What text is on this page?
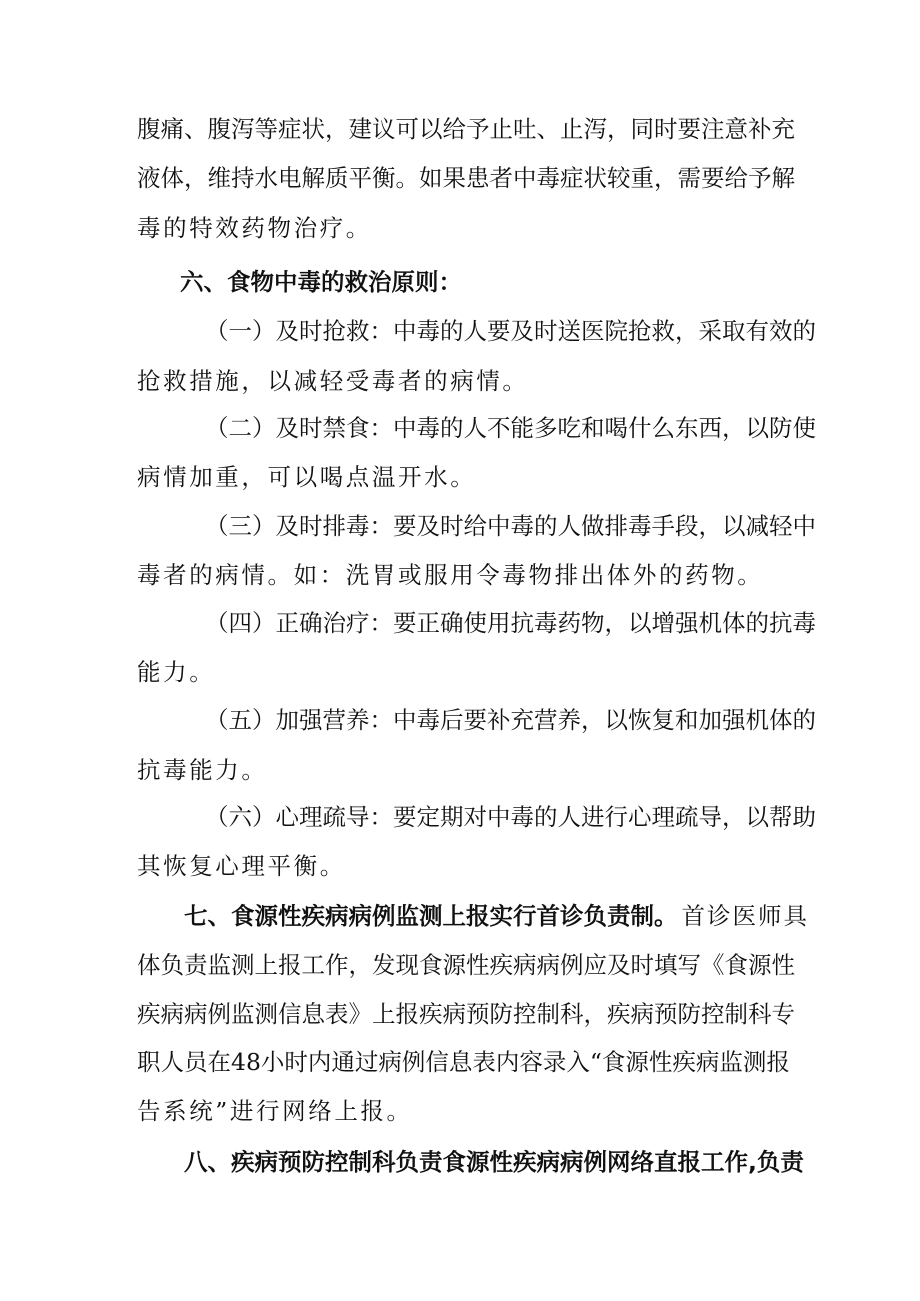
腹痛、腹泻等症状，建议可以给予止吐、止泻，同时要注意补充
液体，维持水电解质平衡。如果患者中毒症状较重，需要给予解
毒的特效药物治疗。
六、食物中毒的救治原则：
（一）及时抢救：中毒的人要及时送医院抢救，采取有效的
抢救措施，以减轻受毒者的病情。
（二）及时禁食：中毒的人不能多吃和喝什么东西，以防使
病情加重，可以喝点温开水。
（三）及时排毒：要及时给中毒的人做排毒手段，以减轻中
毒者的病情。如：洗胃或服用令毒物排出体外的药物。
（四）正确治疗：要正确使用抗毒药物，以增强机体的抗毒
能力。
（五）加强营养：中毒后要补充营养，以恢复和加强机体的
抗毒能力。
（六）心理疏导：要定期对中毒的人进行心理疏导，以帮助
其恢复心理平衡。
七、食源性疾病病例监测上报实行首诊负责制。 首诊医师具
体负责监测上报工作，发现食源性疾病病例应及时填写《食源性
疾病病例监测信息表》上报疾病预防控制科，疾病预防控制科专
职人员在48小时内通过病例信息表内容录入“食源性疾病监测报
告系统”进行网络上报。
八、疾病预防控制科负责食源性疾病病例网络直报工作,负责
